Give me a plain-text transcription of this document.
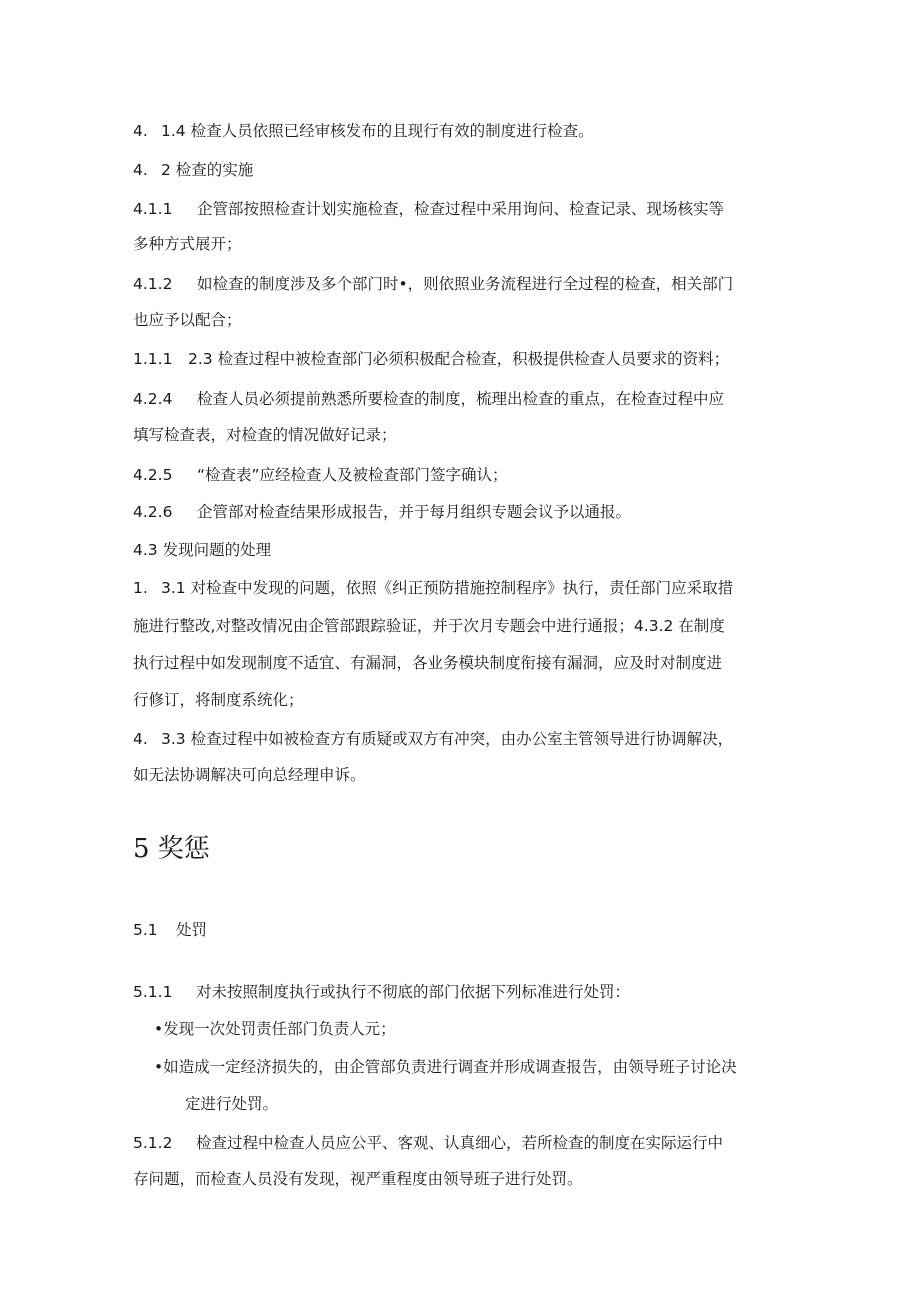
4. 1.4 检查人员依照已经审核发布的且现行有效的制度进行检查。
4. 2 检查的实施
4.1.1 企管部按照检查计划实施检查，检查过程中采用询问、检查记录、现场核实等
多种方式展开；
4.1.2 如检查的制度涉及多个部门时•，则依照业务流程进行全过程的检查，相关部门
也应予以配合；
1.1.1 2.3 检查过程中被检查部门必须积极配合检查，积极提供检查人员要求的资料；
4.2.4 检查人员必须提前熟悉所要检查的制度，梳理出检查的重点，在检查过程中应
填写检查表，对检查的情况做好记录；
4.2.5 “检查表”应经检查人及被检查部门签字确认；
4.2.6 企管部对检查结果形成报告，并于每月组织专题会议予以通报。
4.3 发现问题的处理
1. 3.1 对检查中发现的问题，依照《纠正预防措施控制程序》执行，责任部门应采取措
施进行整改,对整改情况由企管部跟踪验证，并于次月专题会中进行通报；4.3.2 在制度
执行过程中如发现制度不适宜、有漏洞，各业务模块制度衔接有漏洞，应及时对制度进
行修订，将制度系统化；
4. 3.3 检查过程中如被检查方有质疑或双方有冲突，由办公室主管领导进行协调解决，
如无法协调解决可向总经理申诉。
5 奖惩
5.1 处罚
5.1.1 对未按照制度执行或执行不彻底的部门依据下列标准进行处罚：
•发现一次处罚责任部门负责人元；
•如造成一定经济损失的，由企管部负责进行调查并形成调查报告，由领导班子讨论决
定进行处罚。
5.1.2 检查过程中检查人员应公平、客观、认真细心，若所检查的制度在实际运行中
存问题，而检查人员没有发现，视严重程度由领导班子进行处罚。
